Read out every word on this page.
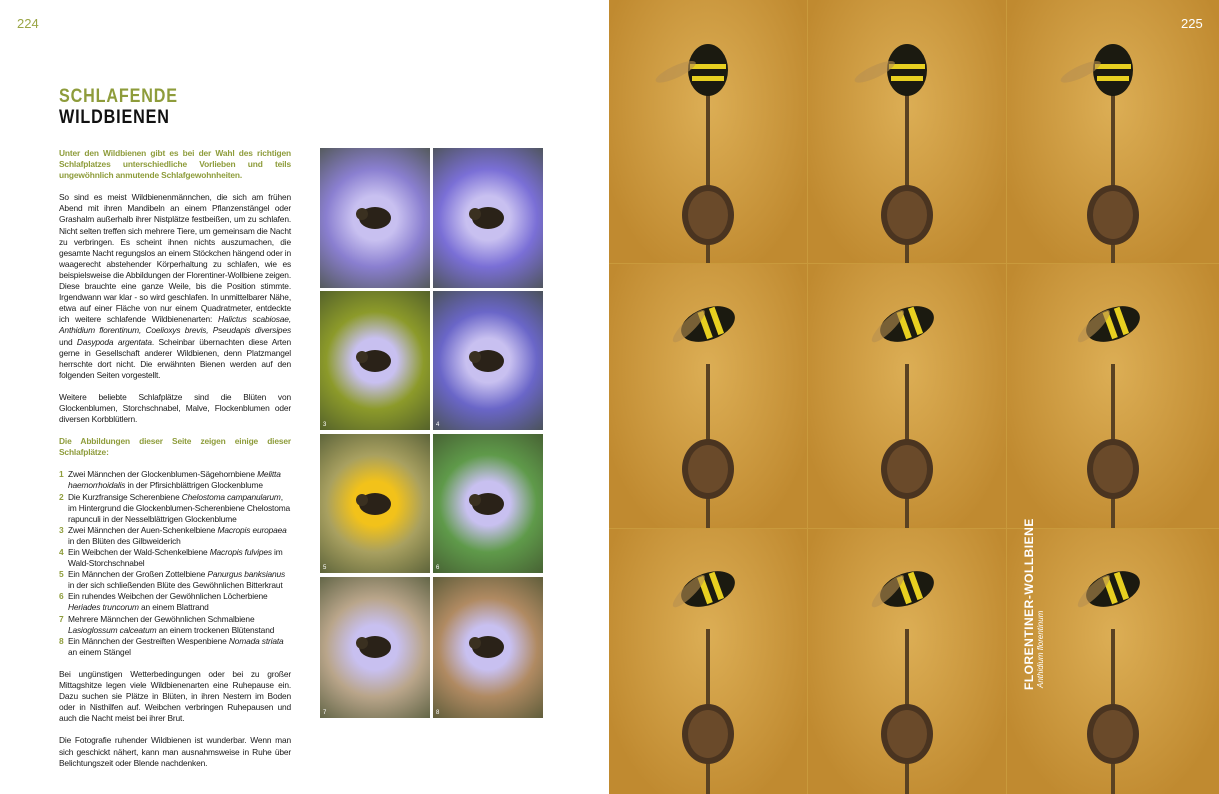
224
SCHLAFENDE
WILDBIENEN

Unter den Wildbienen gibt es bei der Wahl des richtigen Schlafplatzes unterschiedliche Vorlieben und teils ungewöhnlich anmutende Schlafgewohnheiten.

So sind es meist Wildbienenmännchen, die sich am frühen Abend mit ihren Mandibeln an einem Pflanzenstängel oder Grashalm außerhalb ihrer Nistplätze festbeißen, um zu schlafen. Nicht selten treffen sich mehrere Tiere, um gemeinsam die Nacht zu verbringen. Es scheint ihnen nichts auszumachen, die gesamte Nacht regungslos an einem Stöckchen hängend oder in waagerecht abstehender Körperhaltung zu schlafen, wie es beispielsweise die Abbildungen der Florentiner-Wollbiene zeigen. Diese brauchte eine ganze Weile, bis die Position stimmte. Irgendwann war klar - so wird geschlafen. In unmittelbarer Nähe, etwa auf einer Fläche von nur einem Quadratmeter, entdeckte ich weitere schlafende Wildbienenarten: Halictus scabiosae, Anthidium florentinum, Coelioxys brevis, Pseudapis diversipes und Dasypoda argentata. Scheinbar übernachten diese Arten gerne in Gesellschaft anderer Wildbienen, denn Platzmangel herrschte dort nicht. Die erwähnten Bienen werden auf den folgenden Seiten vorgestellt.

Weitere beliebte Schlafplätze sind die Blüten von Glockenblumen, Storchschnabel, Malve, Flockenblumen oder diversen Korbblütlern.

Die Abbildungen dieser Seite zeigen einige dieser Schlafplätze:

1 Zwei Männchen der Glockenblumen-Sägehornbiene Melitta haemorrhoidalis in der Pfirsichblättrigen Glockenblume
2 Die Kurzfransige Scherenbiene Chelostoma campanularum, im Hintergrund die Glockenblumen-Scherenbiene Chelostoma rapunculi in der Nesselblättrigen Glockenblume
3 Zwei Männchen der Auen-Schenkelbiene Macropis europaea in den Blüten des Gilbweiderich
4 Ein Weibchen der Wald-Schenkelbiene Macropis fulvipes im Wald-Storchschnabel
5 Ein Männchen der Großen Zottelbiene Panurgus banksianus in der sich schließenden Blüte des Gewöhnlichen Bitterkraut
6 Ein ruhendes Weibchen der Gewöhnlichen Löcherbiene Heriades truncorum an einem Blattrand
7 Mehrere Männchen der Gewöhnlichen Schmalbiene Lasioglossum calceatum an einem trockenen Blütenstand
8 Ein Männchen der Gestreiften Wespenbiene Nomada striata an einem Stängel

Bei ungünstigen Wetterbedingungen oder bei zu großer Mittagshitze legen viele Wildbienenarten eine Ruhepause ein. Dazu suchen sie Plätze in Blüten, in ihren Nestern im Boden oder in Nisthilfen auf. Weibchen verbringen Ruhepausen und auch die Nacht meist bei ihrer Brut.

Die Fotografie ruhender Wildbienen ist wunderbar. Wenn man sich geschickt nähert, kann man ausnahmsweise in Ruhe über Belichtungszeit oder Blende nachdenken.

3	4
5	6
7	8
225
FLORENTINER-WOLLBIENE Anthidium florentinum
